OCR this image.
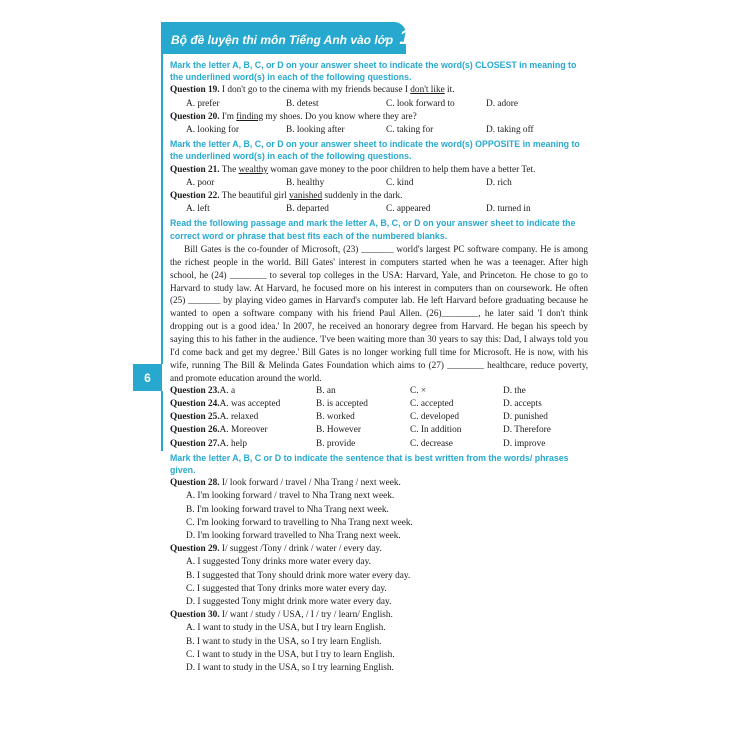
Bộ đề luyện thi môn Tiếng Anh vào lớp 10
6
Mark the letter A, B, C, or D on your answer sheet to indicate the word(s) CLOSEST in meaning to the underlined word(s) in each of the following questions.
Question 19. I don't go to the cinema with my friends because I don't like it.
A. prefer	B. detest	C. look forward to	D. adore
Question 20. I'm finding my shoes. Do you know where they are?
A. looking for	B. looking after	C. taking for	D. taking off
Mark the letter A, B, C, or D on your answer sheet to indicate the word(s) OPPOSITE in meaning to the underlined word(s) in each of the following questions.
Question 21. The wealthy woman gave money to the poor children to help them have a better Tet.
A. poor	B. healthy	C. kind	D. rich
Question 22. The beautiful girl vanished suddenly in the dark.
A. left	B. departed	C. appeared	D. turned in
Read the following passage and mark the letter A, B, C, or D on your answer sheet to indicate the correct word or phrase that best fits each of the numbered blanks.

Bill Gates is the co-founder of Microsoft, (23) _______ world's largest PC software company. He is among the richest people in the world. Bill Gates' interest in computers started when he was a teenager. After high school, he (24) ________ to several top colleges in the USA: Harvard, Yale, and Princeton. He chose to go to Harvard to study law. At Harvard, he focused more on his interest in computers than on coursework. He often (25) _______ by playing video games in Harvard's computer lab. He left Harvard before graduating because he wanted to open a software company with his friend Paul Allen. (26)________, he later said 'I don't think dropping out is a good idea.' In 2007, he received an honorary degree from Harvard. He began his speech by saying this to his father in the audience. 'I've been waiting more than 30 years to say this: Dad, I always told you I'd come back and get my degree.' Bill Gates is no longer working full time for Microsoft. He is now, with his wife, running The Bill & Melinda Gates Foundation which aims to (27) ________ healthcare, reduce poverty, and promote education around the world.

Question 23.A. a	B. an	C. ×	D. the
Question 24.A. was accepted	B. is accepted	C. accepted	D. accepts
Question 25.A. relaxed	B. worked	C. developed	D. punished
Question 26.A. Moreover	B. However	C. In addition	D. Therefore
Question 27.A. help	B. provide	C. decrease	D. improve
Mark the letter A, B, C or D to indicate the sentence that is best written from the words/ phrases given.
Question 28. I/ look forward / travel / Nha Trang / next week.
A. I'm looking forward / travel to Nha Trang next week.
B. I'm looking forward travel to Nha Trang next week.
C. I'm looking forward to travelling to Nha Trang next week.
D. I'm looking forward travelled to Nha Trang next week.
Question 29. I/ suggest /Tony / drink / water / every day.
A. I suggested Tony drinks more water every day.
B. I suggested that Tony should drink more water every day.
C. I suggested that Tony drinks more water every day.
D. I suggested Tony might drink more water every day.
Question 30. I/ want / study / USA, / I / try / learn/ English.
A. I want to study in the USA, but I try learn English.
B. I want to study in the USA, so I try learn English.
C. I want to study in the USA, but I try to learn English.
D. I want to study in the USA, so I try learning English.
